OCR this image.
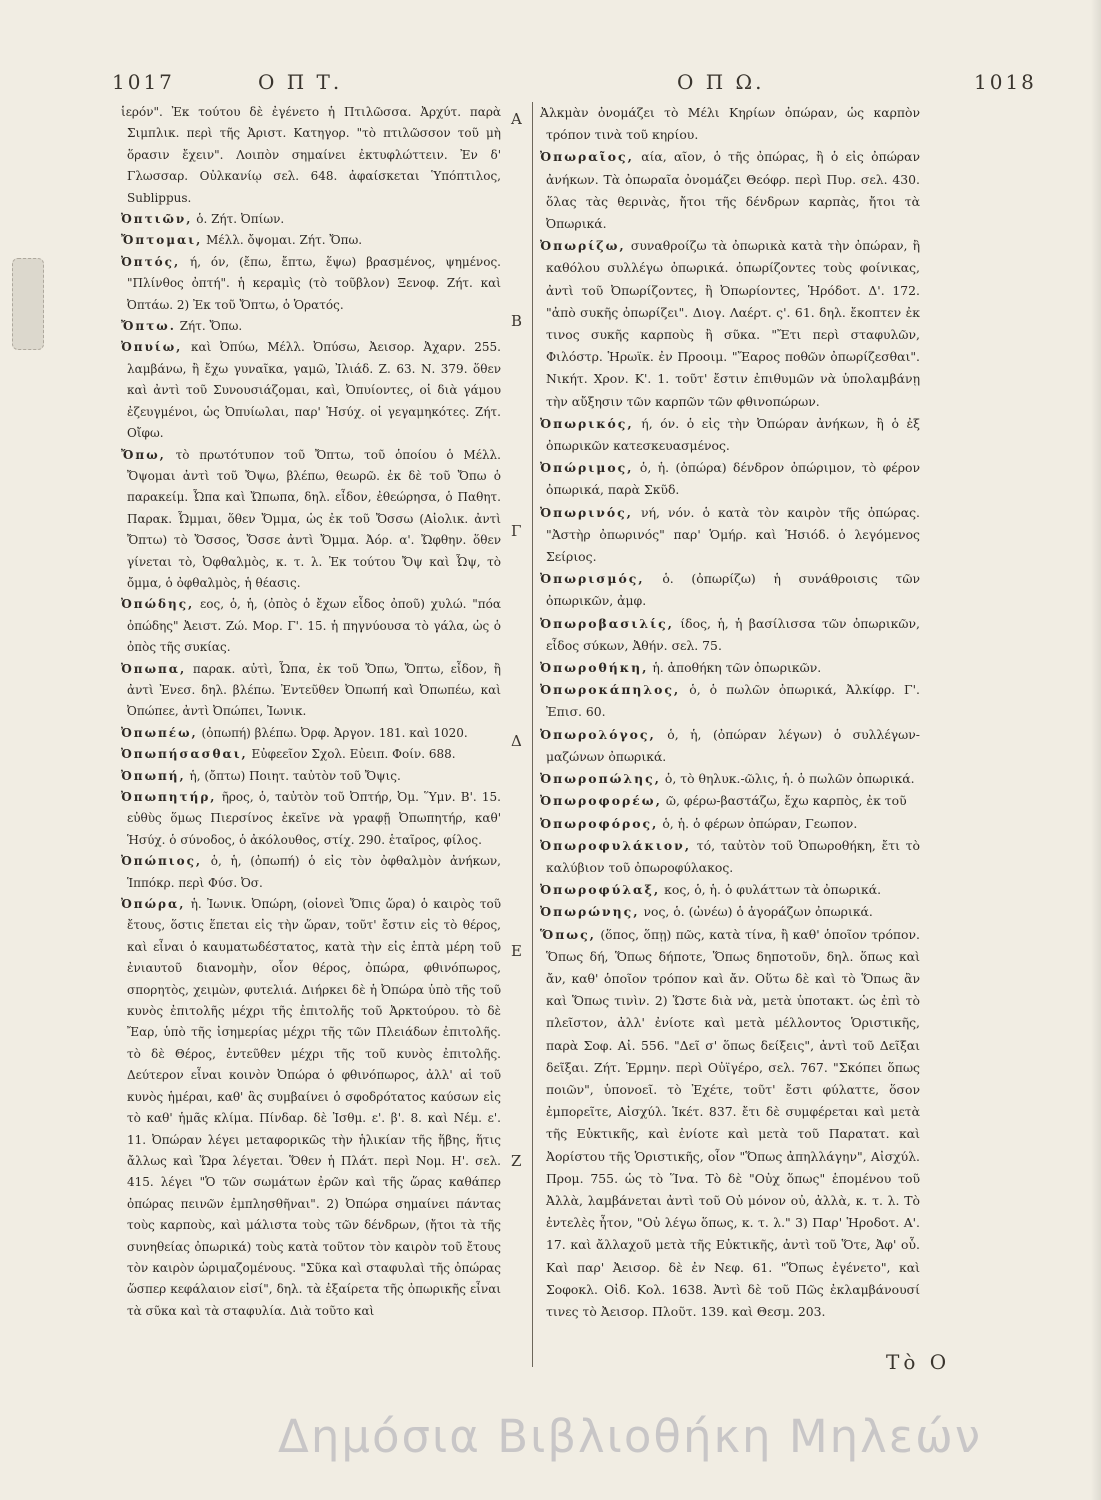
1017	Ο Π Τ.	Ο Π Ω.	1018

ἱερόν". Ἐκ τούτου δὲ ἐγένετο ἡ Πτιλῶσσα. Ἀρχύτ. παρὰ Σιμπλικ. περὶ τῆς Ἀριστ. Κατηγορ. "τὸ πτιλῶσσον τοῦ μὴ ὅρασιν ἔχειν". Λοιπὸν σημαίνει ἐκτυφλώττειν. Ἐν δ' Γλωσσαρ. Οὐλκανίῳ σελ. 648. ἀφαίσκεται Ὑπόπτιλος, Sublippus.

Ὀπτιῶν, ὁ. Ζήτ. Ὀπίων.

Ὄπτομαι, Μέλλ. ὄψομαι. Ζήτ. Ὄπω.

Ὀπτός, ή, όν, (ἔπω, ἔπτω, ἕψω) βρασμένος, ψημένος. "Πλίνθος ὀπτή". ἡ κεραμὶς (τὸ τοῦβλον) Ξενοφ. Ζήτ. καὶ Ὀπτάω. 2) Ἐκ τοῦ Ὄπτω, ὁ Ὁρατός.

Ὄπτω. Ζήτ. Ὄπω.

Ὀπυίω, καὶ Ὀπύω, Μέλλ. Ὀπύσω, Ἀεισορ. Ἀχαρν. 255. λαμβάνω, ἢ ἔχω γυναῖκα, γαμῶ, Ἰλιάδ. Ζ. 63. Ν. 379. ὅθεν καὶ ἀντὶ τοῦ Συνουσιάζομαι, καὶ, Ὀπυίοντες, οἱ διὰ γάμου ἐζευγμένοι, ὡς Ὀπυίωλαι, παρ' Ἡσύχ. οἱ γεγαμηκότες. Ζήτ. Οἴφω.

Ὄπω, τὸ πρωτότυπον τοῦ Ὄπτω, τοῦ ὁποίου ὁ Μέλλ. Ὄψομαι ἀντὶ τοῦ Ὄψω, βλέπω, θεωρῶ. ἐκ δὲ τοῦ Ὄπω ὁ παρακείμ. Ὦπα καὶ Ὤπωπα, δηλ. εἶδον, ἐθεώρησα, ὁ Παθητ. Παρακ. Ὦμμαι, ὅθεν Ὄμμα, ὡς ἐκ τοῦ Ὄσσω (Αἰολικ. ἀντὶ Ὄπτω) τὸ Ὄσσος, Ὄσσε ἀντὶ Ὄμμα. Ἀόρ. α'. Ὤφθην. ὅθεν γίνεται τὸ, Ὀφθαλμὸς, κ. τ. λ. Ἐκ τούτου Ὄψ καὶ Ὦψ, τὸ ὄμμα, ὁ ὀφθαλμὸς, ἡ θέασις.

Ὀπώδης, εος, ὁ, ἡ, (ὀπὸς ὁ ἔχων εἶδος ὀποῦ) χυλώ. "πόα ὀπώδης" Ἀειστ. Ζώ. Μορ. Γ'. 15. ἡ πηγνύουσα τὸ γάλα, ὡς ὁ ὀπὸς τῆς συκίας.

Ὀπωπα, παρακ. αὐτὶ, Ὦπα, ἐκ τοῦ Ὄπω, Ὄπτω, εἶδον, ἢ ἀντὶ Ἐνεσ. δηλ. βλέπω. Ἐντεῦθεν Ὀπωπή καὶ Ὀπωπέω, καὶ Ὀπώπεε, ἀντὶ Ὀπώπει, Ἰωνικ.

Ὀπωπέω, (ὀπωπή) βλέπω. Ὀρφ. Ἀργον. 181. καὶ 1020.

Ὀπωπήσασθαι, Εὐφεεῖον Σχολ. Εὐειπ. Φοίν. 688.

Ὀπωπή, ἡ, (ὄπτω) Ποιητ. ταὐτὸν τοῦ Ὄψις.

Ὀπωπητήρ, ῆρος, ὁ, ταὐτὸν τοῦ Ὀπτήρ, Ὀμ. Ὕμν. Β'. 15. εὐθὺς ὅμως Πιερσίνος ἐκεῖνε νὰ γραφῇ Ὀπωπητήρ, καθ' Ἡσύχ. ὁ σύνοδος, ὁ ἀκόλουθος, στίχ. 290. ἑταῖρος, φίλος.

Ὀπώπιος, ὁ, ἡ, (ὀπωπή) ὁ εἰς τὸν ὀφθαλμὸν ἀνήκων, Ἱππόκρ. περὶ Φύσ. Ὀσ.

Ὀπώρα, ἡ. Ἰωνικ. Ὀπώρη, (οἱονεὶ Ὄπις ὥρα) ὁ καιρὸς τοῦ ἔτους, ὅστις ἕπεται εἰς τὴν ὥραν, τοῦτ' ἔστιν εἰς τὸ θέρος, καὶ εἶναι ὁ καυματωδέστατος, κατὰ τὴν εἰς ἑπτὰ μέρη τοῦ ἐνιαυτοῦ διανομὴν, οἷον θέρος, ὀπώρα, φθινόπωρος, σπορητὸς, χειμὼν, φυτελιά. Διήρκει δὲ ἡ Ὀπώρα ὑπὸ τῆς τοῦ κυνὸς ἐπιτολῆς μέχρι τῆς ἐπιτολῆς τοῦ Ἀρκτούρου. τὸ δὲ Ἔαρ, ὑπὸ τῆς ἰσημερίας μέχρι τῆς τῶν Πλειάδων ἐπιτολῆς. τὸ δὲ Θέρος, ἐντεῦθεν μέχρι τῆς τοῦ κυνὸς ἐπιτολῆς. Δεύτερον εἶναι κοινὸν Ὀπώρα ὁ φθινόπωρος, ἀλλ' αἱ τοῦ κυνὸς ἡμέραι, καθ' ἃς συμβαίνει ὁ σφοδρότατος καύσων εἰς τὸ καθ' ἡμᾶς κλίμα. Πίνδαρ. δὲ Ἰσθμ. ε'. β'. 8. καὶ Νέμ. ε'. 11. Ὀπώραν λέγει μεταφορικῶς τὴν ἡλικίαν τῆς ἥβης, ἥτις ἄλλως καὶ Ὥρα λέγεται. Ὅθεν ἡ Πλάτ. περὶ Νομ. Η'. σελ. 415. λέγει "Ὁ τῶν σωμάτων ἐρῶν καὶ τῆς ὥρας καθάπερ ὀπώρας πεινῶν ἐμπλησθῆναι". 2) Ὀπώρα σημαίνει πάντας τοὺς καρποὺς, καὶ μάλιστα τοὺς τῶν δένδρων, (ἤτοι τὰ τῆς συνηθείας ὀπωρικά) τοὺς κατὰ τοῦτον τὸν καιρὸν τοῦ ἔτους τὸν καιρὸν ὡριμαζομένους. "Σῦκα καὶ σταφυλαὶ τῆς ὀπώρας ὥσπερ κεφάλαιον εἰσί", δηλ. τὰ ἐξαίρετα τῆς ὀπωρικῆς εἶναι τὰ σῦκα καὶ τὰ σταφυλία. Διὰ τοῦτο καὶ

Α
Β
Γ
Δ
Ε
Ζ

Ἀλκμὰν ὀνομάζει τὸ Μέλι Κηρίων ὀπώραν, ὡς καρπὸν τρόπον τινὰ τοῦ κηρίου.

Ὀπωραῖος, αία, αῖον, ὁ τῆς ὀπώρας, ἢ ὁ εἰς ὀπώραν ἀνήκων. Τὰ ὀπωραῖα ὀνομάζει Θεόφρ. περὶ Πυρ. σελ. 430. ὅλας τὰς θερινὰς, ἤτοι τῆς δένδρων καρπὰς, ἤτοι τὰ Ὀπωρικά.

Ὀπωρίζω, συναθροίζω τὰ ὀπωρικὰ κατὰ τὴν ὀπώραν, ἢ καθόλου συλλέγω ὀπωρικά. ὀπωρίζοντες τοὺς φοίνικας, ἀντὶ τοῦ Ὀπωρίζοντες, ἢ Ὀπωρίοντες, Ἡρόδοτ. Δ'. 172. "ἀπὸ συκῆς ὀπωρίζει". Διογ. Λαέρτ. ς'. 61. δηλ. ἔκοπτεν ἐκ τινος συκῆς καρποὺς ἢ σῦκα. "Ἔτι περὶ σταφυλῶν, Φιλόστρ. Ἡρωϊκ. ἐν Προοιμ. "Ἔαρος ποθῶν ὀπωρίζεσθαι". Νικήτ. Χρον. Κ'. 1. τοῦτ' ἔστιν ἐπιθυμῶν νὰ ὑπολαμβάνῃ τὴν αὔξησιν τῶν καρπῶν τῶν φθινοπώρων.

Ὀπωρικός, ή, όν. ὁ εἰς τὴν Ὀπώραν ἀνήκων, ἢ ὁ ἐξ ὀπωρικῶν κατεσκευασμένος.

Ὀπώριμος, ὁ, ἡ. (ὀπώρα) δένδρον ὀπώριμον, τὸ φέρον ὀπωρικά, παρὰ Σκῦδ.

Ὀπωρινός, νή, νόν. ὁ κατὰ τὸν καιρὸν τῆς ὀπώρας. "Ἀστὴρ ὀπωρινός" παρ' Ὁμήρ. καὶ Ἡσιόδ. ὁ λεγόμενος Σείριος.

Ὀπωρισμός, ὁ. (ὀπωρίζω) ἡ συνάθροισις τῶν ὀπωρικῶν, ἀμφ.

Ὀπωροβασιλίς, ίδος, ἡ, ἡ βασίλισσα τῶν ὀπωρικῶν, εἶδος σύκων, Ἀθήν. σελ. 75.

Ὀπωροθήκη, ἡ. ἀποθήκη τῶν ὀπωρικῶν.

Ὀπωροκάπηλος, ὁ, ὁ πωλῶν ὀπωρικά, Ἀλκίφρ. Γ'. Ἐπισ. 60.

Ὀπωρολόγος, ὁ, ἡ, (ὀπώραν λέγων) ὁ συλλέγων-μαζώνων ὀπωρικά.

Ὀπωροπώλης, ὁ, τὸ θηλυκ.-ῶλις, ἡ. ὁ πωλῶν ὀπωρικά.

Ὀπωροφορέω, ῶ, φέρω-βαστάζω, ἔχω καρπὸς, ἐκ τοῦ

Ὀπωροφόρος, ὁ, ἡ. ὁ φέρων ὀπώραν, Γεωπον.

Ὀπωροφυλάκιον, τό, ταὐτὸν τοῦ Ὀπωροθήκη, ἔτι τὸ καλύβιον τοῦ ὀπωροφύλακος.

Ὀπωροφύλαξ, κος, ὁ, ἡ. ὁ φυλάττων τὰ ὀπωρικά.

Ὀπωρώνης, νος, ὁ. (ὠνέω) ὁ ἀγοράζων ὀπωρικά.

Ὅπως, (ὅπος, ὅπῃ) πῶς, κατὰ τίνα, ἢ καθ' ὁποῖον τρόπον. Ὅπως δή, Ὅπως δήποτε, Ὅπως δηποτοῦν, δηλ. ὅπως καὶ ἄν, καθ' ὁποῖον τρόπον καὶ ἄν. Οὕτω δὲ καὶ τὸ Ὅπως ἂν καὶ Ὅπως τινὶν. 2) Ὥστε διὰ νὰ, μετὰ ὑποτακτ. ὡς ἐπὶ τὸ πλεῖστον, ἀλλ' ἐνίοτε καὶ μετὰ μέλλοντος Ὁριστικῆς, παρὰ Σοφ. Αἰ. 556. "Δεῖ σ' ὅπως δείξεις", ἀντὶ τοῦ Δεῖξαι δεῖξαι. Ζήτ. Ἑρμην. περὶ Οὐϊγέρο, σελ. 767. "Σκόπει ὅπως ποιῶν", ὑπονοεῖ. τὸ Ἐχέτε, τοῦτ' ἔστι φύλαττε, ὅσον ἐμπορεῖτε, Αἰσχύλ. Ἱκέτ. 837. ἔτι δὲ συμφέρεται καὶ μετὰ τῆς Εὐκτικῆς, καὶ ἐνίοτε καὶ μετὰ τοῦ Παρατατ. καὶ Ἀορίστου τῆς Ὁριστικῆς, οἷον "Ὅπως ἀπηλλάγην", Αἰσχύλ. Προμ. 755. ὡς τὸ Ἵνα. Τὸ δὲ "Οὐχ ὅπως" ἑπομένου τοῦ Ἀλλὰ, λαμβάνεται ἀντὶ τοῦ Οὐ μόνον οὐ, ἀλλὰ, κ. τ. λ. Τὸ ἐντελὲς ἦτον, "Οὐ λέγω ὅπως, κ. τ. λ." 3) Παρ' Ἡροδοτ. Α'. 17. καὶ ἄλλαχοῦ μετὰ τῆς Εὐκτικῆς, ἀντὶ τοῦ Ὅτε, Ἀφ' οὗ. Καὶ παρ' Ἀεισορ. δὲ ἐν Νεφ. 61. "Ὅπως ἐγένετο", καὶ Σοφοκλ. Οἰδ. Κολ. 1638. Ἀντὶ δὲ τοῦ Πῶς ἐκλαμβάνουσί τινες τὸ Ἀεισορ. Πλοῦτ. 139. καὶ Θεσμ. 203.

Τὸ Ο
Δημόσια Βιβλιοθήκη Μηλεών
